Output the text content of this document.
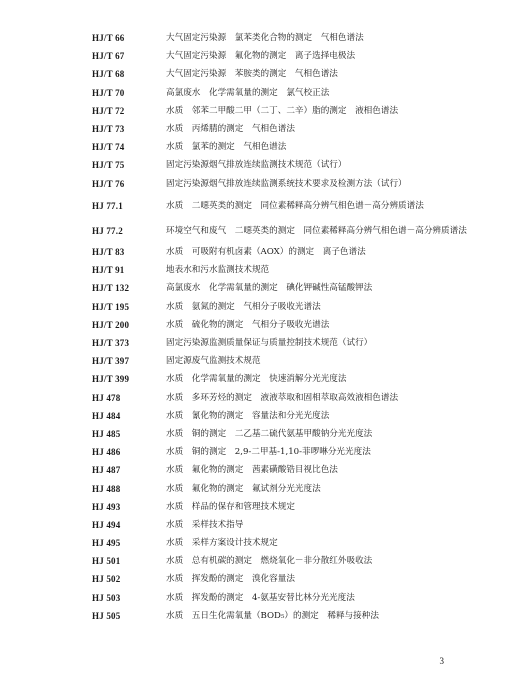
HJ/T 66	大气固定污染源　氯苯类化合物的测定　气相色谱法
HJ/T 67	大气固定污染源　氟化物的测定　离子选择电极法
HJ/T 68	大气固定污染源　苯胺类的测定　气相色谱法
HJ/T 70	高氯废水　化学需氧量的测定　氯气校正法
HJ/T 72	水质　邻苯二甲酸二甲（二丁、二辛）脂的测定　液相色谱法
HJ/T 73	水质　丙烯腈的测定　气相色谱法
HJ/T 74	水质　氯苯的测定　气相色谱法
HJ/T 75	固定污染源烟气排放连续监测技术规范（试行）
HJ/T 76	固定污染源烟气排放连续监测系统技术要求及检测方法（试行）
HJ 77.1	水质　二噁英类的测定　同位素稀释高分辨气相色谱－高分辨质谱法
HJ 77.2	环境空气和废气　二噁英类的测定　同位素稀释高分辨气相色谱－高分辨质谱法
HJ/T 83	水质　可吸附有机卤素（AOX）的测定　离子色谱法
HJ/T 91	地表水和污水监测技术规范
HJ/T 132	高氯废水　化学需氧量的测定　碘化钾碱性高锰酸钾法
HJ/T 195	水质　氨氮的测定　气相分子吸收光谱法
HJ/T 200	水质　硫化物的测定　气相分子吸收光谱法
HJ/T 373	固定污染源监测质量保证与质量控制技术规范（试行）
HJ/T 397	固定源废气监测技术规范
HJ/T 399	水质　化学需氧量的测定　快速消解分光光度法
HJ 478	水质　多环芳烃的测定　液液萃取和固相萃取高效液相色谱法
HJ 484	水质　氰化物的测定　容量法和分光光度法
HJ 485	水质　铜的测定　二乙基二硫代氨基甲酸钠分光光度法
HJ 486	水质　铜的测定　2,9-二甲基-1,10-菲啰啉分光光度法
HJ 487	水质　氟化物的测定　茜素磺酸锆目视比色法
HJ 488	水质　氟化物的测定　氟试剂分光光度法
HJ 493	水质　样品的保存和管理技术规定
HJ 494	水质　采样技术指导
HJ 495	水质　采样方案设计技术规定
HJ 501	水质　总有机碳的测定　燃烧氧化－非分散红外吸收法
HJ 502	水质　挥发酚的测定　溴化容量法
HJ 503	水质　挥发酚的测定　4-氨基安替比林分光光度法
HJ 505	水质　五日生化需氧量（BOD₅）的测定　稀释与接种法
3
